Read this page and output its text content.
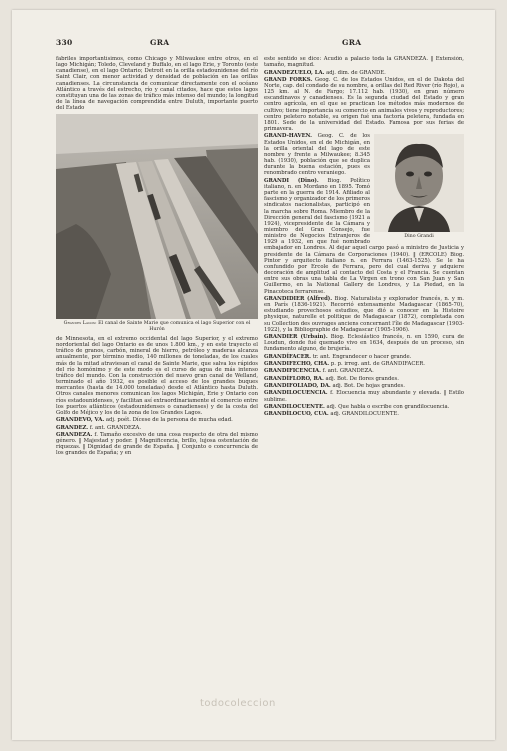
330	GRA	GRA

fabriles importantísimos, como Chicago y Milwaukee entre otros, en el lago Michigán; Toledo, Cleveland y Buffalo, en el lago Erie, y Toronto (este canadiense), en el lago Ontario; Detroit en la orilla estadounidense del río Saint Clair, con menor actividad y densidad de población en las orillas canadienses. La circunstancia de comunicar directamente con el océano Atlántico a través del estrecho, río y canal citados, hace que estos lagos constituyan una de las zonas de tráfico más intenso del mundo; la longitud de la línea de navegación comprendida entre Duluth, importante puerto del Estado

Grandes Lagos: El canal de Sainte Marie que comunica el lago Superior con el Hurón

de Minnesota, en el extremo occidental del lago Superior, y el extremo nordoriental del lago Ontario es de unos 1.800 km., y en este trayecto el tráfico de granos, carbón, mineral de hierro, petróleo y maderas alcanza anualmente, por término medio, 140 millones de toneladas, de los cuales más de la mitad atraviesan el canal de Sainte Marie, que salva los rápidos del río homónimo y de este modo es el curso de agua de más intenso tráfico del mundo. Con la construcción del nuevo gran canal de Welland, terminado el año 1932, es posible el acceso de los grandes buques mercantes (hasta de 14.000 toneladas) desde el Atlántico hasta Duluth. Otros canales menores comunican los lagos Michigán, Erie y Ontario con ríos estadounidenses, y facilitan así extraordinariamente el comercio entre los puertos atlánticos (estadounidenses o canadienses) y de la costa del Golfo de Méjico y los de la zona de los Grandes Lagos.

GRANDEVO, VA. adj. poét. Dícese de la persona de mucha edad.

GRANDEZ. f. ant. GRANDEZA.

GRANDEZA. f. Tamaño excesivo de una cosa respecto de otra del mismo género. ‖ Majestad y poder. ‖ Magnificencia, brillo, lujosa ostentación de riquezas. ‖ Dignidad de grande de España. ‖ Conjunto o concurrencia de los grandes de España; y en

este sentido se dice: Acudió a palacio toda la GRANDEZA. ‖ Extensión, tamaño, magnitud.

GRANDEZUELO, LA. adj. dim. de GRANDE.

GRAND FORKS. Geog. C. de los Estados Unidos, en el de Dakota del Norte, cap. del condado de su nombre, a orillas del Red River (río Rojo), a 125 km. al N. de Fargo; 17.112 hab. (1930), en gran número escandinavos y canadienses. Es la segunda ciudad del Estado y gran centro agrícola, en el que se practican los métodos más modernos de cultivo; tiene importancia su comercio en animales vivos y reproductores; centro peletero notable, su origen fué una factoría peletera, fundada en 1801. Sede de la universidad del Estado. Famosa por sus ferias de primavera.

Dino Grandi

GRAND-HAVEN. Geog. C. de los Estados Unidos, en el de Michigán, en la orilla oriental del lago de este nombre y frente a Milwaukee; 8.345 hab. (1930), población que se duplica durante la buena estación, pues es renombrado centro veraniego.

GRANDI (Dino). Biog. Político italiano, n. en Mordano en 1895. Tomó parte en la guerra de 1914. Afiliado al fascismo y organizador de los primeros sindicatos nacionalistas, participó en la marcha sobre Roma. Miembro de la Dirección general del fascismo (1921 a 1924), vicepresidente de la Cámara y miembro del Gran Consejo, fue ministro de Negocios Extranjeros de 1929 a 1932, en que fué nombrado embajador en Londres. Al dejar aquel cargo pasó a ministro de Justicia y presidente de la Cámara de Corporaciones (1940). ‖ (ERCOLE) Biog. Pintor y arquitecto italiano n. en Ferrara (1463-1525). Se le ha confundido por Ercole de Ferrara, pero del cual deriva y adquiere decoración de amplitud al contacto del Costa y el Francia. Se cuentan entre sus obras una tabla de La Virgen en trono con San Juan y San Guillermo, en la National Gallery de Londres, y La Piedad, en la Pinacoteca ferrarense.

GRANDIDIER (Alfred). Biog. Naturalista y explorador francés, n. y m. en París (1836-1921). Recorrió extensamente Madagascar (1865-70), estudiando provechosos estudios, que dió a conocer en la Histoire physique, naturelle et politique de Madagascar (1872), completada con su Collection des ouvrages anciens concernant l'île de Madagascar (1903-1922), y la Bibliographie de Madagascar (1905-1906).

GRANDIER (Urbain). Biog. Eclesiástico francés, n. en 1590, cura de Loudun, donde fué quemado vivo en 1634, después de un proceso, sin fundamento alguno, de brujería.

GRANDÍFACER. tr. ant. Engrandecer o hacer grande.

GRANDIFECHO, CHA. p. p. irreg. ant. de GRANDIFACER.

GRANDIFICENCIA. f. ant. GRANDEZA.

GRANDÍFLORO, RA. adj. Bot. De flores grandes.

GRANDIFOLIADO, DA. adj. Bot. De hojas grandes.

GRANDILOCUENCIA. f. Elocuencia muy abundante y elevada. ‖ Estilo sublime.

GRANDILOCUENTE. adj. Que habla o escribe con grandilocuencia.

GRANDÍLOCUO, CUA. adj. GRANDILOCUENTE.

todocoleccion
